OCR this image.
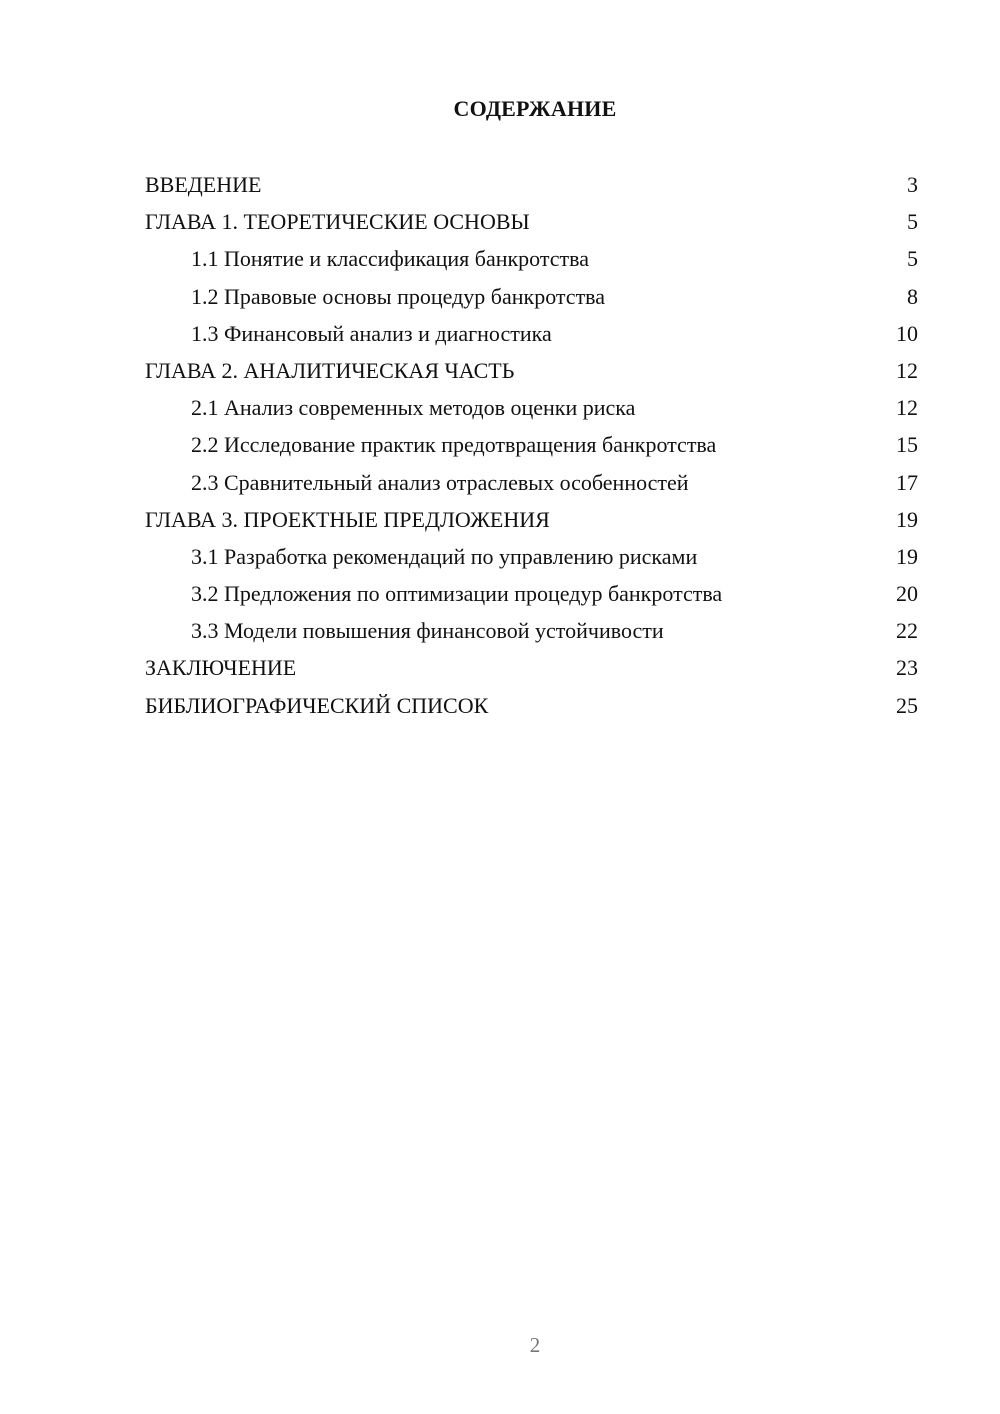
СОДЕРЖАНИЕ
ВВЕДЕНИЕ	3
ГЛАВА 1. ТЕОРЕТИЧЕСКИЕ ОСНОВЫ	5
1.1 Понятие и классификация банкротства	5
1.2 Правовые основы процедур банкротства	8
1.3 Финансовый анализ и диагностика	10
ГЛАВА 2. АНАЛИТИЧЕСКАЯ ЧАСТЬ	12
2.1 Анализ современных методов оценки риска	12
2.2 Исследование практик предотвращения банкротства	15
2.3 Сравнительный анализ отраслевых особенностей	17
ГЛАВА 3. ПРОЕКТНЫЕ ПРЕДЛОЖЕНИЯ	19
3.1 Разработка рекомендаций по управлению рисками	19
3.2 Предложения по оптимизации процедур банкротства	20
3.3 Модели повышения финансовой устойчивости	22
ЗАКЛЮЧЕНИЕ	23
БИБЛИОГРАФИЧЕСКИЙ СПИСОК	25
2
